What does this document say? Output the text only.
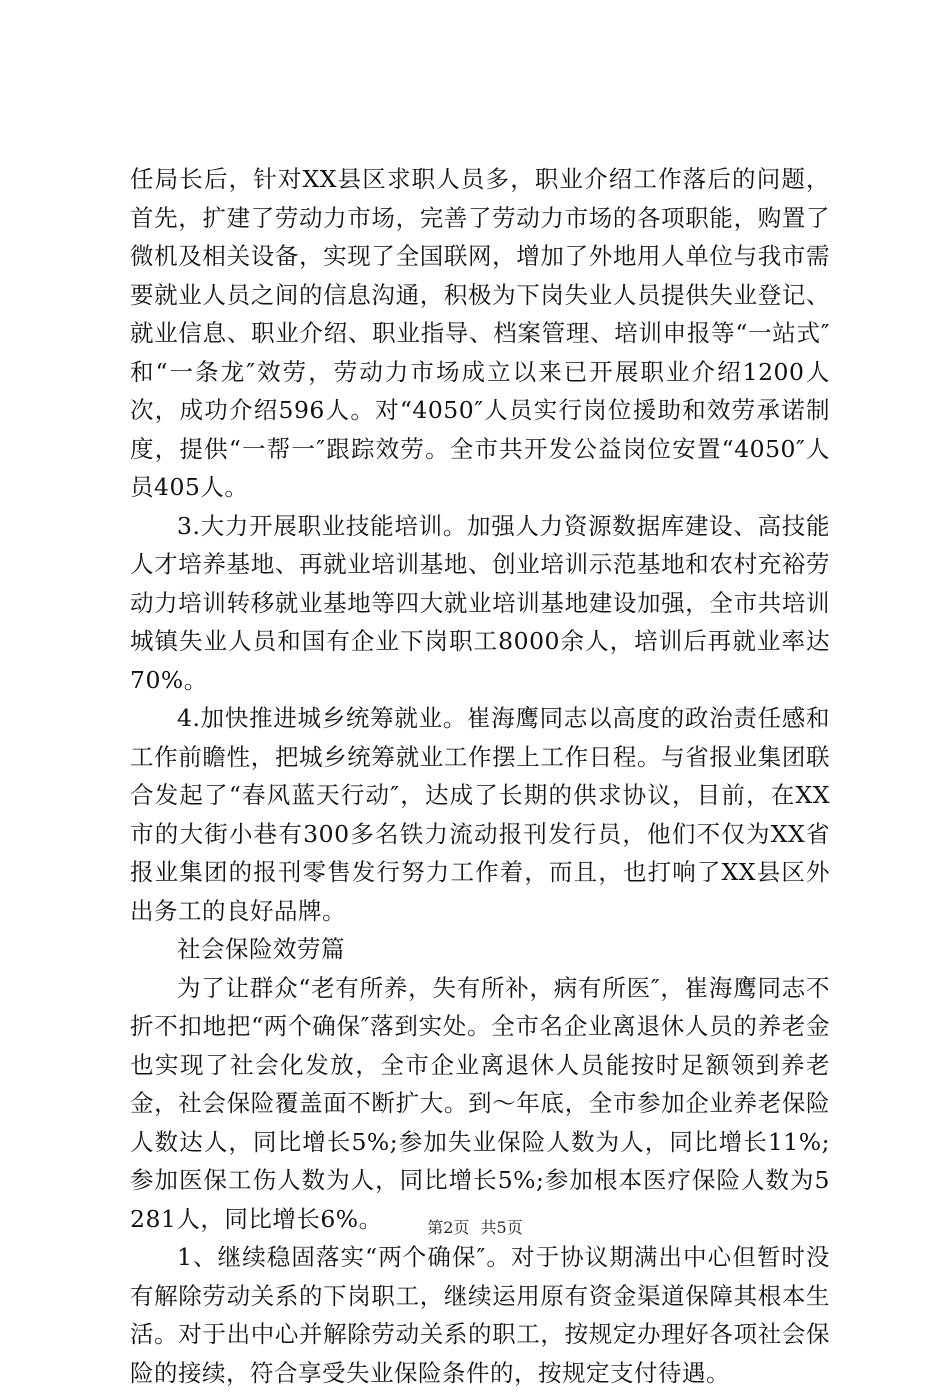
任局长后，针对XX县区求职人员多，职业介绍工作落后的问题，首先，扩建了劳动力市场，完善了劳动力市场的各项职能，购置了微机及相关设备，实现了全国联网，增加了外地用人单位与我市需要就业人员之间的信息沟通，积极为下岗失业人员提供失业登记、就业信息、职业介绍、职业指导、档案管理、培训申报等“一站式″和“一条龙″效劳，劳动力市场成立以来已开展职业介绍1200人次，成功介绍596人。对“4050″人员实行岗位援助和效劳承诺制度，提供“一帮一″跟踪效劳。全市共开发公益岗位安置“4050″人员405人。

3.大力开展职业技能培训。加强人力资源数据库建设、高技能人才培养基地、再就业培训基地、创业培训示范基地和农村充裕劳动力培训转移就业基地等四大就业培训基地建设加强，全市共培训城镇失业人员和国有企业下岗职工8000余人，培训后再就业率达70%。

4.加快推进城乡统筹就业。崔海鹰同志以高度的政治责任感和工作前瞻性，把城乡统筹就业工作摆上工作日程。与省报业集团联合发起了“春风蓝天行动″，达成了长期的供求协议，目前，在XX市的大街小巷有300多名铁力流动报刊发行员，他们不仅为XX省报业集团的报刊零售发行努力工作着，而且，也打响了XX县区外出务工的良好品牌。

社会保险效劳篇

为了让群众“老有所养，失有所补，病有所医″，崔海鹰同志不折不扣地把“两个确保″落到实处。全市名企业离退休人员的养老金也实现了社会化发放，全市企业离退休人员能按时足额领到养老金，社会保险覆盖面不断扩大。到～年底，全市参加企业养老保险人数达人，同比增长5%;参加失业保险人数为人，同比增长11%;参加医保工伤人数为人，同比增长5%;参加根本医疗保险人数为5281人，同比增长6%。

1、继续稳固落实“两个确保″。对于协议期满出中心但暂时没有解除劳动关系的下岗职工，继续运用原有资金渠道保障其根本生活。对于出中心并解除劳动关系的职工，按规定办理好各项社会保险的接续，符合享受失业保险条件的，按规定支付待遇。

第2页 共5页
